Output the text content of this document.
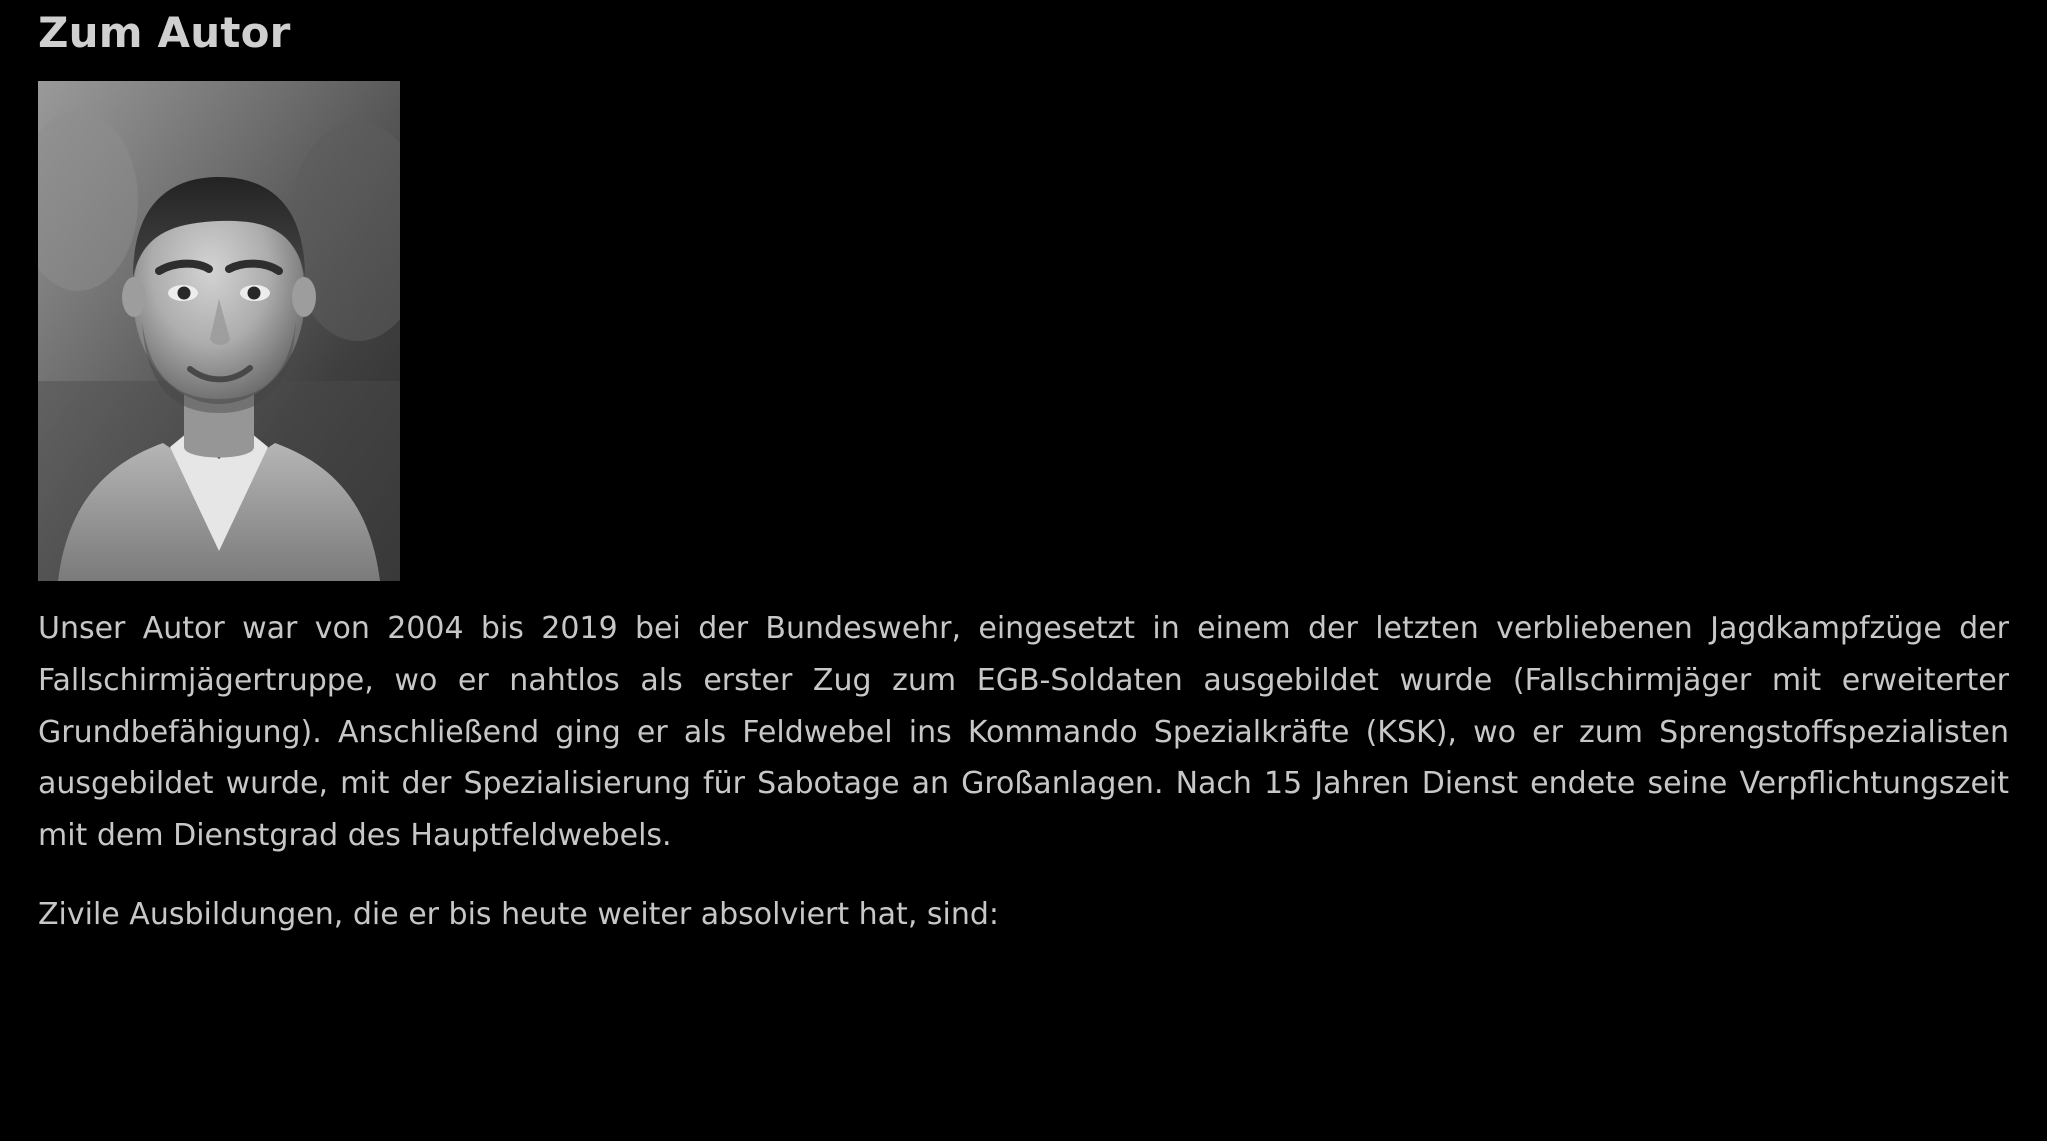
Zum Autor

Unser Autor war von 2004 bis 2019 bei der Bundeswehr, eingesetzt in einem der letzten verbliebenen Jagdkampfzüge der Fallschirmjägertruppe, wo er nahtlos als erster Zug zum EGB-Soldaten ausgebildet wurde (Fallschirmjäger mit erweiterter Grundbefähigung). Anschließend ging er als Feldwebel ins Kommando Spezialkräfte (KSK), wo er zum Sprengstoffspezialisten ausgebildet wurde, mit der Spezialisierung für Sabotage an Großanlagen. Nach 15 Jahren Dienst endete seine Verpflichtungszeit mit dem Dienstgrad des Hauptfeldwebels.

Zivile Ausbildungen, die er bis heute weiter absolviert hat, sind:
